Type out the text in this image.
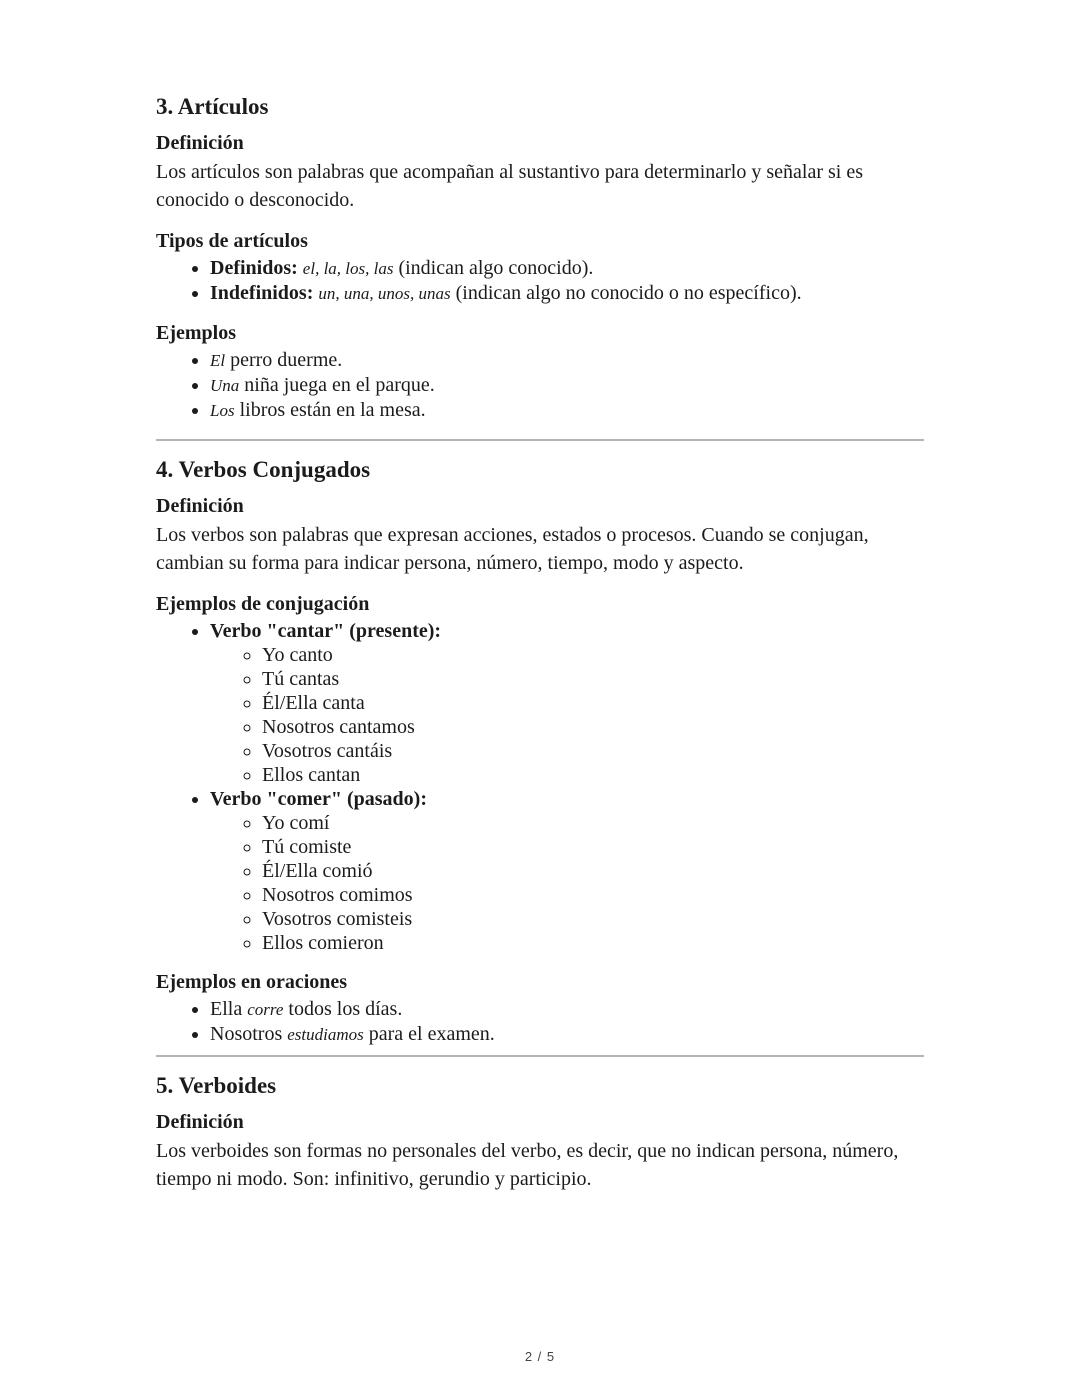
3. Artículos
Definición

Los artículos son palabras que acompañan al sustantivo para determinarlo y señalar si es conocido o desconocido.

Tipos de artículos
• Definidos: el, la, los, las (indican algo conocido).
• Indefinidos: un, una, unos, unas (indican algo no conocido o no específico).
Ejemplos
• El perro duerme.
• Una niña juega en el parque.
• Los libros están en la mesa.
4. Verbos Conjugados
Definición

Los verbos son palabras que expresan acciones, estados o procesos. Cuando se conjugan, cambian su forma para indicar persona, número, tiempo, modo y aspecto.

Ejemplos de conjugación
• Verbo "cantar" (presente):
◦ Yo canto
◦ Tú cantas
◦ Él/Ella canta
◦ Nosotros cantamos
◦ Vosotros cantáis
◦ Ellos cantan
• Verbo "comer" (pasado):
◦ Yo comí
◦ Tú comiste
◦ Él/Ella comió
◦ Nosotros comimos
◦ Vosotros comisteis
◦ Ellos comieron
Ejemplos en oraciones
• Ella corre todos los días.
• Nosotros estudiamos para el examen.
5. Verboides
Definición

Los verboides son formas no personales del verbo, es decir, que no indican persona, número, tiempo ni modo. Son: infinitivo, gerundio y participio.

2 / 5
